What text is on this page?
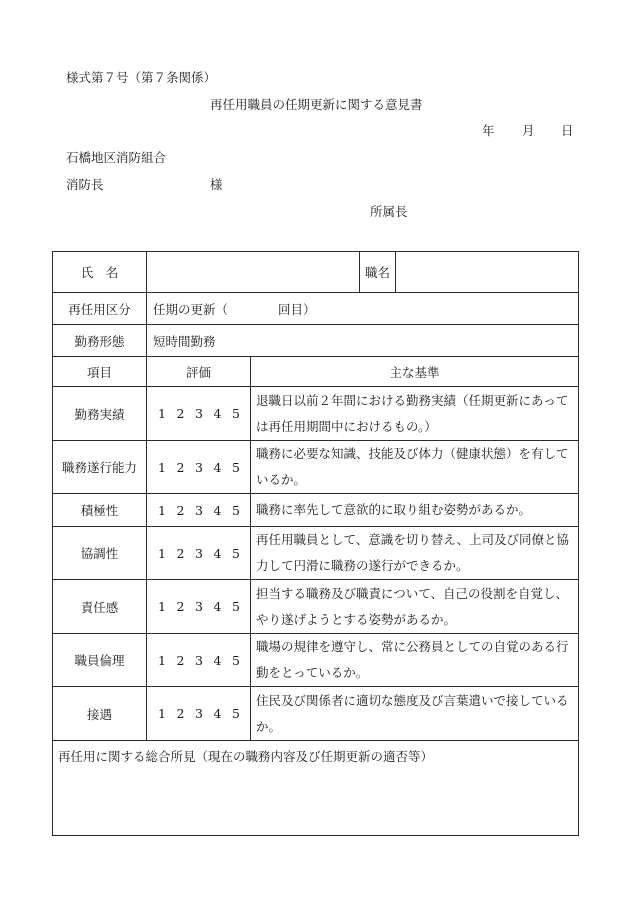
様式第７号（第７条関係）
再任用職員の任期更新に関する意見書
年 月 日
石橋地区消防組合
消防長	様
所属長
氏　名			職名	
再任用区分	任期の更新（　　　　回目）			
勤務形態	短時間勤務			
項目	評価	主な基準		
勤務実績	1 2 3 4 5	退職日以前２年間における勤務実績（任期更新にあっては再任用期間中におけるもの。）		
職務遂行能力	1 2 3 4 5	職務に必要な知識、技能及び体力（健康状態）を有しているか。		
積極性	1 2 3 4 5	職務に率先して意欲的に取り組む姿勢があるか。		
協調性	1 2 3 4 5	再任用職員として、意識を切り替え、上司及び同僚と協力して円滑に職務の遂行ができるか。		
責任感	1 2 3 4 5	担当する職務及び職責について、自己の役割を自覚し、やり遂げようとする姿勢があるか。		
職員倫理	1 2 3 4 5	職場の規律を遵守し、常に公務員としての自覚のある行動をとっているか。		
接遇	1 2 3 4 5	住民及び関係者に適切な態度及び言葉遣いで接しているか。		
再任用に関する総合所見（現在の職務内容及び任期更新の適否等）				
